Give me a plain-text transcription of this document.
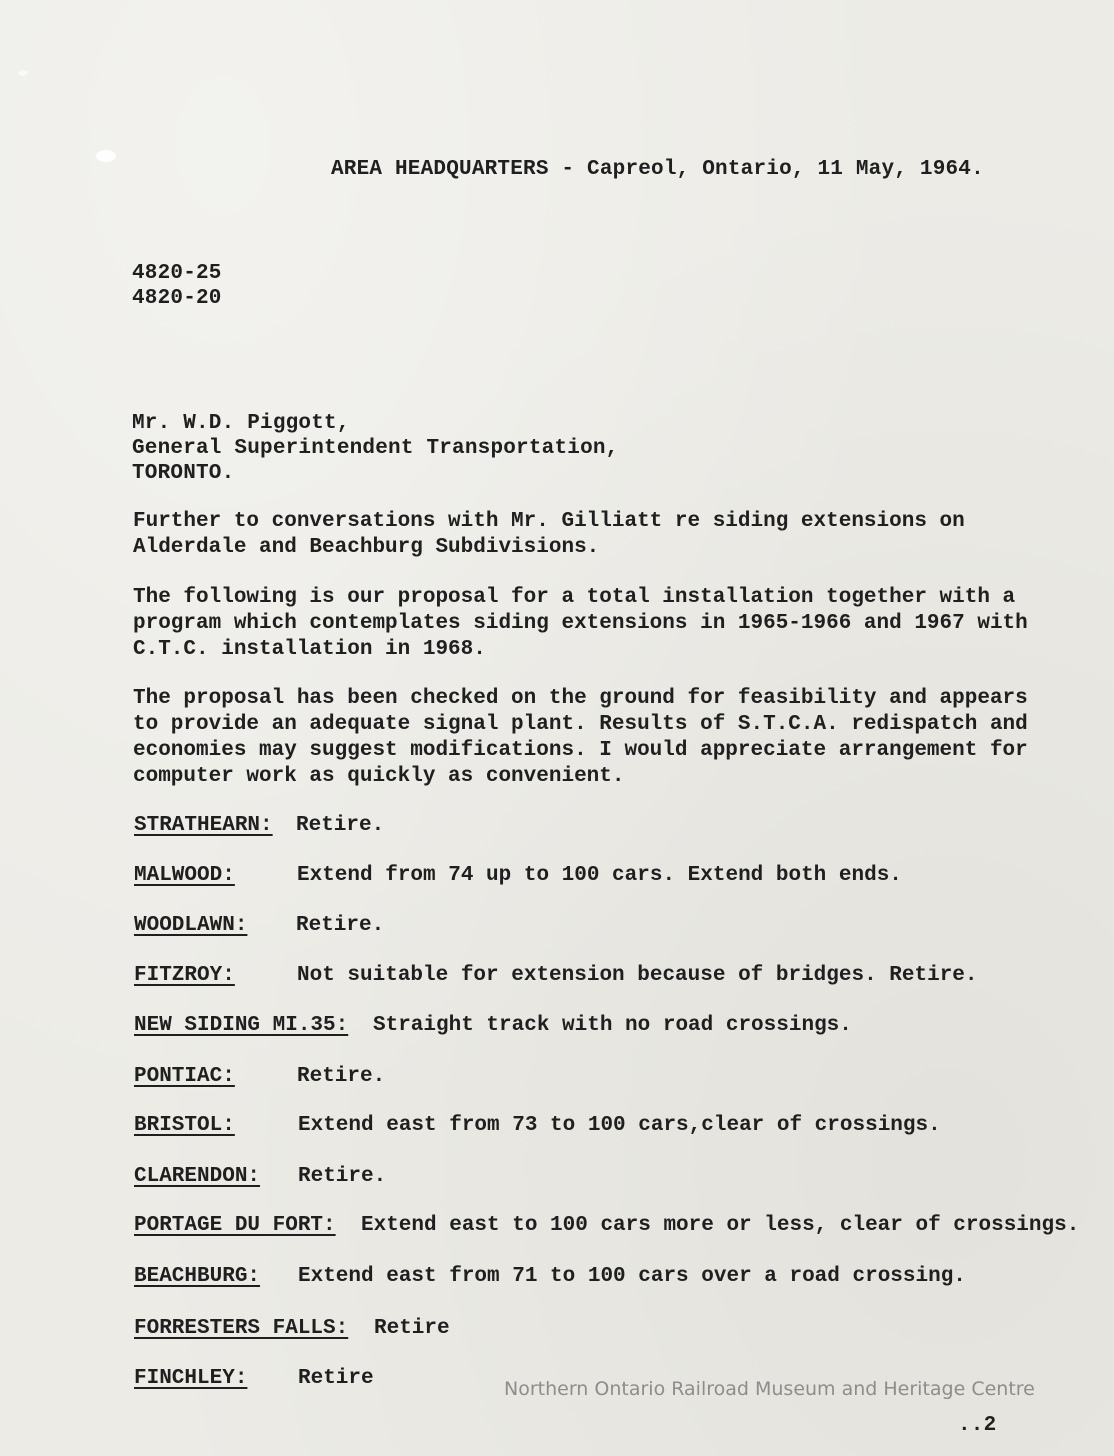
AREA HEADQUARTERS - Capreol, Ontario, 11 May, 1964.
4820-25
4820-20
Mr. W.D. Piggott,
General Superintendent Transportation,
TORONTO.
Further to conversations with Mr. Gilliatt re siding extensions on
Alderdale and Beachburg Subdivisions.
The following is our proposal for a total installation together with a
program which contemplates siding extensions in 1965-1966 and 1967 with
C.T.C. installation in 1968.
The proposal has been checked on the ground for feasibility and appears
to provide an adequate signal plant. Results of S.T.C.A. redispatch and
economies may suggest modifications. I would appreciate arrangement for
computer work as quickly as convenient.
STRATHEARN: Retire.
MALWOOD:	Extend from 74 up to 100 cars. Extend both ends.
WOODLAWN: Retire.
FITZROY:	Not suitable for extension because of bridges. Retire.
NEW SIDING MI.35: Straight track with no road crossings.
PONTIAC:	Retire.
BRISTOL:	Extend east from 73 to 100 cars,clear of crossings.
CLARENDON: Retire.
PORTAGE DU FORT: Extend east to 100 cars more or less, clear of crossings.
BEACHBURG: Extend east from 71 to 100 cars over a road crossing.
FORRESTERS FALLS: Retire
FINCHLEY: Retire	Northern Ontario Railroad Museum and Heritage Centre
..2
